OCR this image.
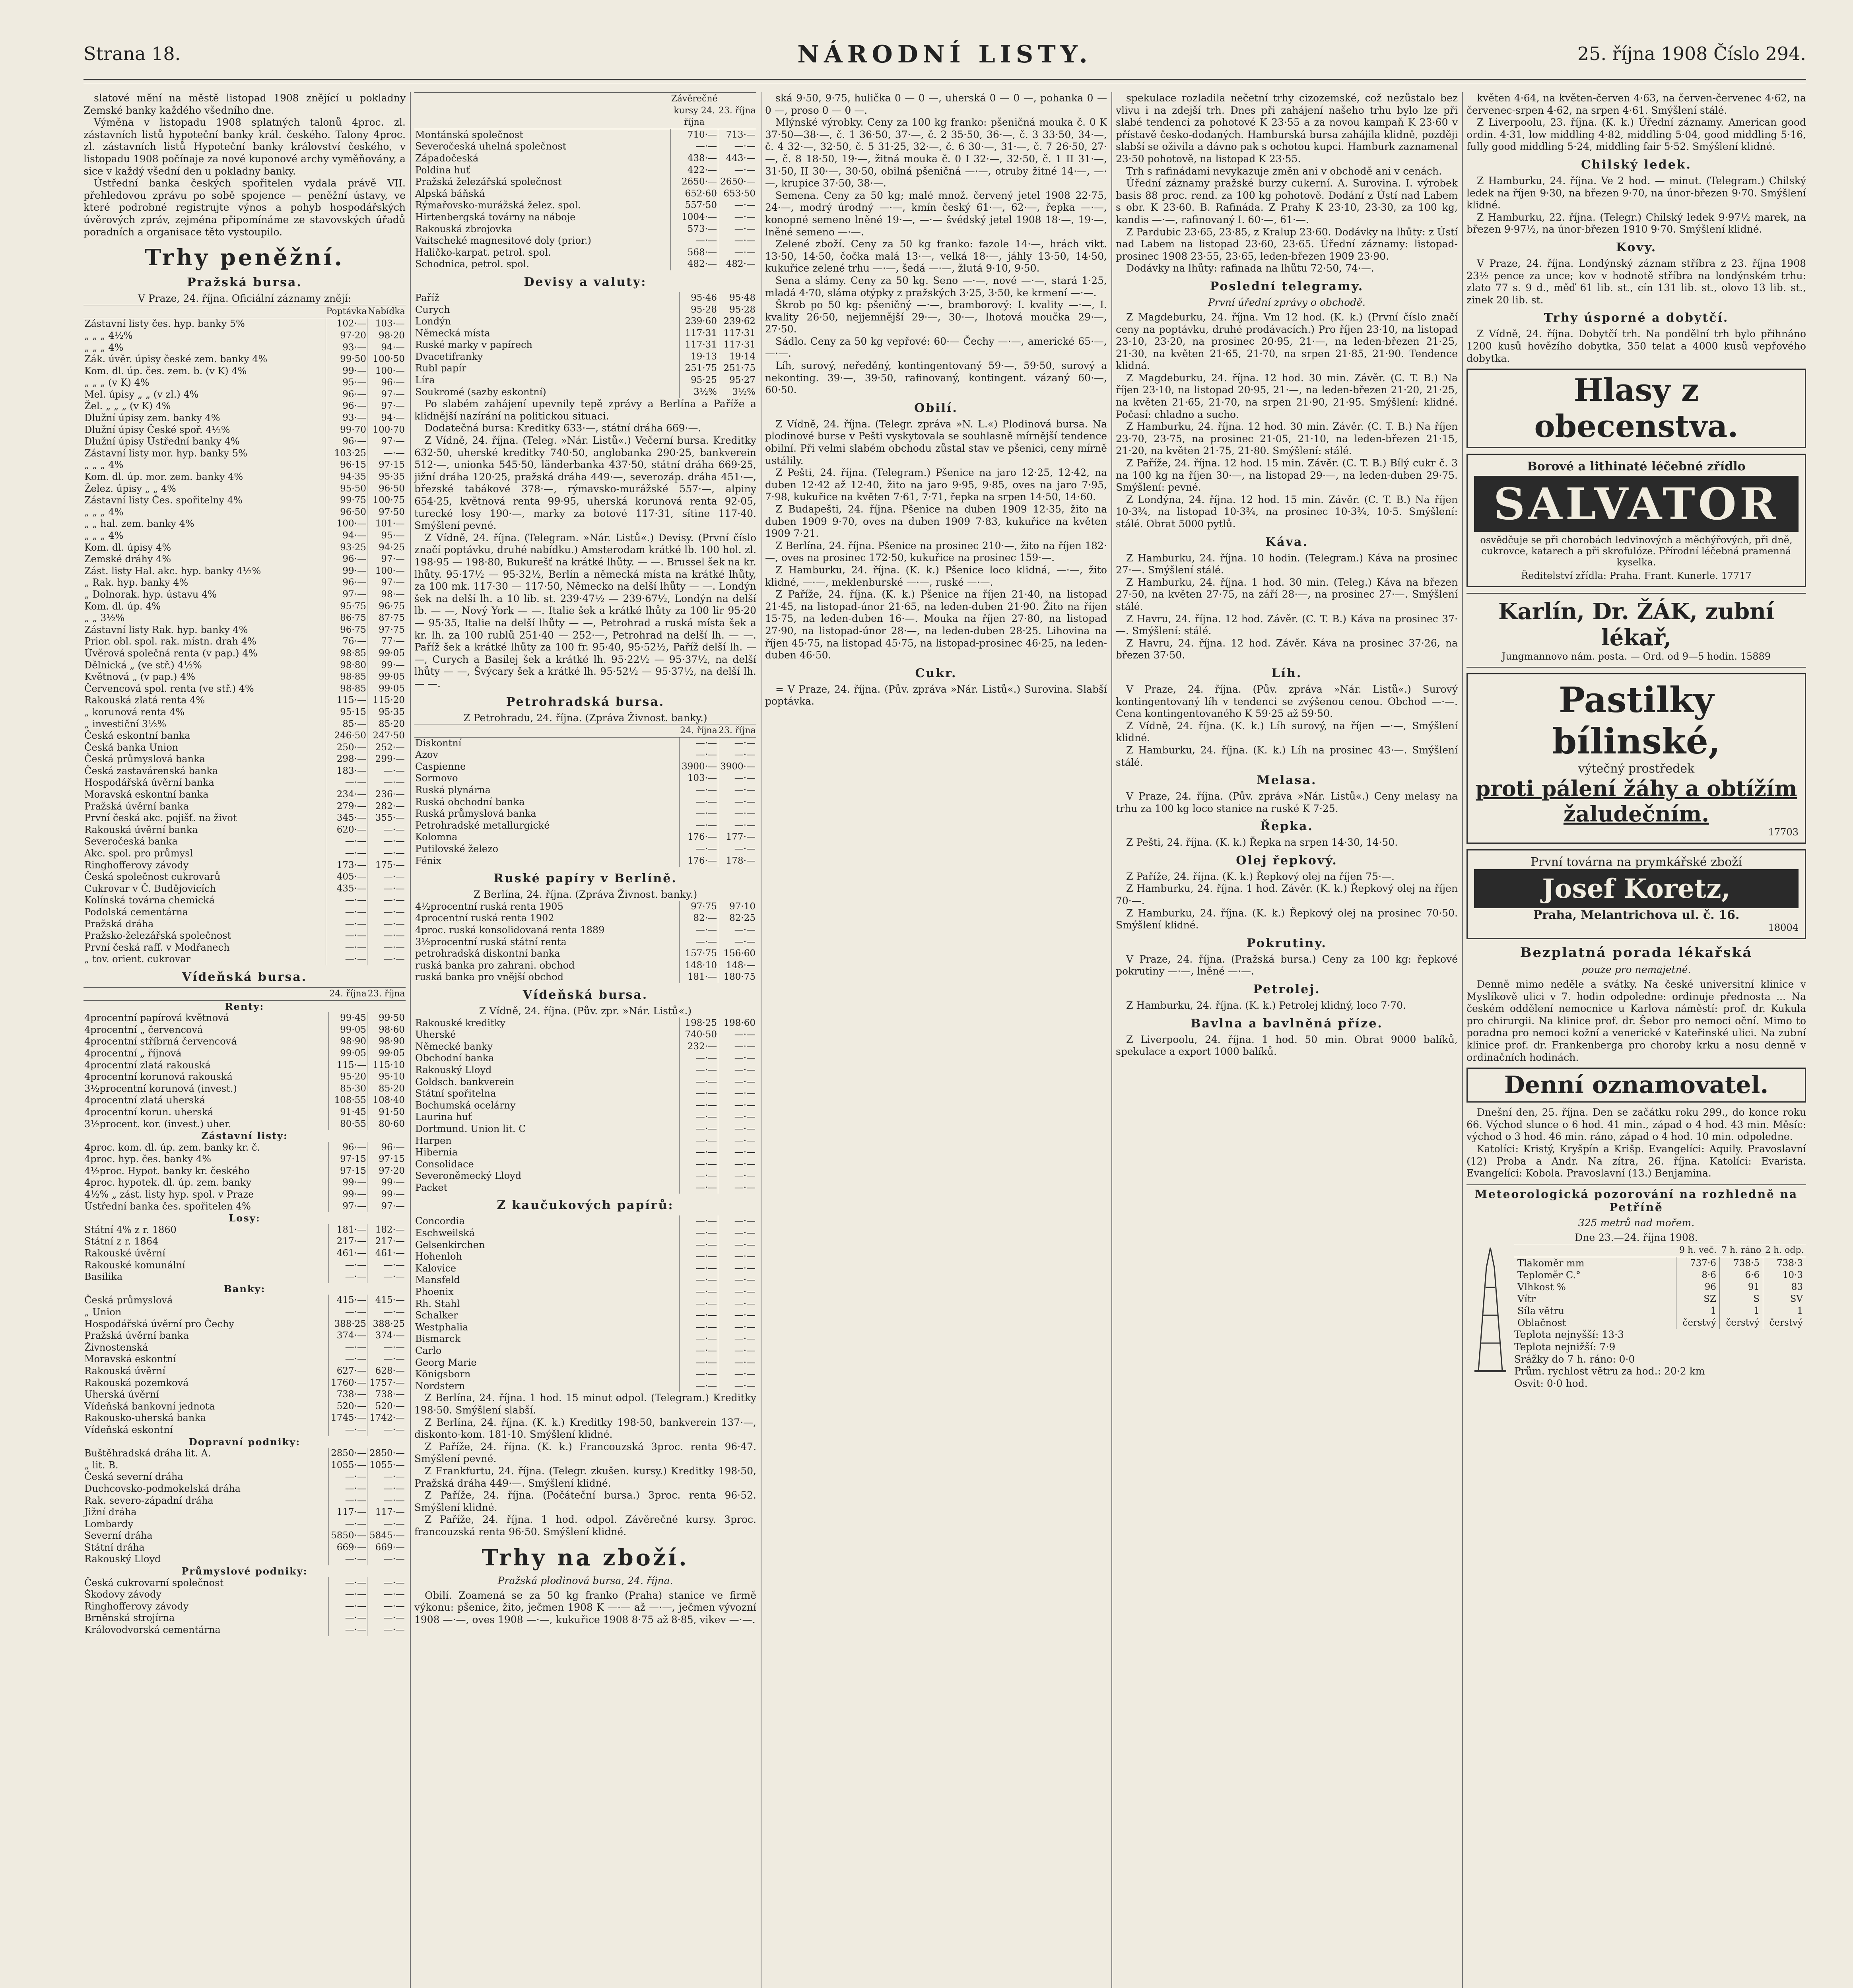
Strana 18.	NÁRODNÍ LISTY.	25. října 1908 Číslo 294.

slatové mění na městě listopad 1908 znějící u pokladny Zemské banky každého všedního dne.

Výměna v listopadu 1908 splatných talonů 4proc. zl. zástavních listů hypoteční banky král. českého. Talony 4proc. zl. zástavních listů Hypoteční banky království českého, v listopadu 1908 počínaje za nové kuponové archy vyměňovány, a sice v každý všední den u pokladny banky.

Ústřední banka českých spořitelen vydala právě VII. přehledovou zprávu po sobě spojence — peněžní ústavy, ve které podrobné registrujte výnos a pohyb hospodářských úvěrových zpráv, zejména připomínáme ze stavovských úřadů poradních a organisace těto vystoupilo.

Trhy peněžní.
Pražská bursa.
V Praze, 24. října. Oficiální záznamy znějí:
	Poptávka	Nabídka
Zástavní listy čes. hyp. banky 5%	102·—	103·—
„ „ „ 4½%	97·20	98·20
„ „ „ 4%	93·—	94·—
Zák. úvěr. úpisy české zem. banky 4%	99·50	100·50
Kom. dl. úp. čes. zem. b. (v K) 4%	99·—	100·—
„ „ „ (v K) 4%	95·—	96·—
Mel. úpisy „ „ (v zl.) 4%	96·—	97·—
Žel. „ „ „ (v K) 4%	96·—	97·—
Dlužní úpisy zem. banky 4%	93·—	94·—
Dlužní úpisy České spoř. 4½%	99·70	100·70
Dlužní úpisy Ústřední banky 4%	96·—	97·—
Zástavní listy mor. hyp. banky 5%	103·25	—·—
„ „ „ 4%	96·15	97·15
Kom. dl. úp. mor. zem. banky 4%	94·35	95·35
Želez. úpisy „ „ 4%	95·50	96·50
Zástavní listy Čes. spořitelny 4%	99·75	100·75
„ „ „ 4%	96·50	97·50
„ „ hal. zem. banky 4%	100·—	101·—
„ „ „ 4%	94·—	95·—
Kom. dl. úpisy 4%	93·25	94·25
Zemské dráhy 4%	96·—	97·—
Zást. listy Hal. akc. hyp. banky 4½%	99·—	100·—
„ Rak. hyp. banky 4%	96·—	97·—
„ Dolnorak. hyp. ústavu 4%	97·—	98·—
Kom. dl. úp. 4%	95·75	96·75
„ „ 3½%	86·75	87·75
Zástavní listy Rak. hyp. banky 4%	96·75	97·75
Prior. obl. spol. rak. místn. drah 4%	76·—	77·—
Úvěrová společná renta (v pap.) 4%	98·85	99·05
Dělnická „ (ve stř.) 4½%	98·80	99·—
Květnová „ (v pap.) 4%	98·85	99·05
Červencová spol. renta (ve stř.) 4%	98·85	99·05
Rakouská zlatá renta 4%	115·—	115·20
„ korunová renta 4%	95·15	95·35
„ investiční 3½%	85·—	85·20
Česká eskontní banka	246·50	247·50
Česká banka Union	250·—	252·—
Česká průmyslová banka	298·—	299·—
Česká zastavárenská banka	183·—	—·—
Hospodářská úvěrní banka	—·—	—·—
Moravská eskontní banka	234·—	236·—
Pražská úvěrní banka	279·—	282·—
První česká akc. pojišť. na život	345·—	355·—
Rakouská úvěrní banka	620·—	—·—
Severočeská banka	—·—	—·—
Akc. spol. pro průmysl	—·—	—·—
Ringhofferovy závody	173·—	175·—
Česká společnost cukrovarů	405·—	—·—
Cukrovar v Č. Budějovicích	435·—	—·—
Kolínská továrna chemická	—·—	—·—
Podolská cementárna	—·—	—·—
Pražská dráha	—·—	—·—
Pražsko-železářská společnost	—·—	—·—
První česká raff. v Modřanech	—·—	—·—
„ tov. orient. cukrovar	—·—	—·—
Vídeňská bursa.
	24. října	23. října
Renty:		
4procentní papírová květnová	99·45	99·50
4procentní „ červencová	99·05	98·60
4procentní stříbrná červencová	98·90	98·90
4procentní „ říjnová	99·05	99·05
4procentní zlatá rakouská	115·—	115·10
4procentní korunová rakouská	95·20	95·10
3½procentní korunová (invest.)	85·30	85·20
4procentní zlatá uherská	108·55	108·40
4procentní korun. uherská	91·45	91·50
3½procent. kor. (invest.) uher.	80·55	80·60
Zástavní listy:		
4proc. kom. dl. úp. zem. banky kr. č.	96·—	96·—
4proc. hyp. čes. banky 4%	97·15	97·15
4½proc. Hypot. banky kr. českého	97·15	97·20
4proc. hypotek. dl. úp. zem. banky	99·—	99·—
4½% „ zást. listy hyp. spol. v Praze	99·—	99·—
Ústřední banka čes. spořitelen 4%	97·—	97·—
Losy:		
Státní 4% z r. 1860	181·—	182·—
Státní z r. 1864	217·—	217·—
Rakouské úvěrní	461·—	461·—
Rakouské komunální	—·—	—·—
Basilika	—·—	—·—
Banky:		
Česká průmyslová	415·—	415·—
„ Union	—·—	—·—
Hospodářská úvěrní pro Čechy	388·25	388·25
Pražská úvěrní banka	374·—	374·—
Živnostenská	—·—	—·—
Moravská eskontní	—·—	—·—
Rakouská úvěrní	627·—	628·—
Rakouská pozemková	1760·—	1757·—
Uherská úvěrní	738·—	738·—
Vídeňská bankovní jednota	520·—	520·—
Rakousko-uherská banka	1745·—	1742·—
Vídeňská eskontní	—·—	—·—
Dopravní podniky:		
Buštěhradská dráha lit. A.	2850·—	2850·—
„ lit. B.	1055·—	1055·—
Česká severní dráha	—·—	—·—
Duchcovsko-podmokelská dráha	—·—	—·—
Rak. severo-západní dráha	—·—	—·—
Jižní dráha	117·—	117·—
Lombardy	—·—	—·—
Severní dráha	5850·—	5845·—
Státní dráha	669·—	669·—
Rakouský Lloyd	—·—	—·—
Průmyslové podniky:		
Česká cukrovarní společnost	—·—	—·—
Škodovy závody	—·—	—·—
Ringhofferovy závody	—·—	—·—
Brněnská strojírna	—·—	—·—
Královodvorská cementárna	—·—	—·—
	Závěrečné kursy 24. října	23. října
Montánská společnost	710·—	713·—
Severočeská uhelná společnost	—·—	—·—
Západočeská	438·—	443·—
Poldina huť	422·—	—·—
Pražská železářská společnost	2650·—	2650·—
Alpská báňská	652·60	653·50
Rýmařovsko-murážská želez. spol.	557·50	—·—
Hirtenbergská továrny na náboje	1004·—	—·—
Rakouská zbrojovka	573·—	—·—
Vaitscheké magnesitové doly (prior.)	—·—	—·—
Haličko-karpat. petrol. spol.	568·—	—·—
Schodnica, petrol. spol.	482·—	482·—
Devisy a valuty:
Paříž	95·46	95·48
Curych	95·28	95·28
Londýn	239·60	239·62
Německá místa	117·31	117·31
Ruské marky v papírech	117·31	117·31
Dvacetifranky	19·13	19·14
Rubl papír	251·75	251·75
Líra	95·25	95·27
Soukromé (sazby eskontní)	3½%	3½%

Po slabém zahájení upevnily tepě zprávy a Berlína a Paříže a klidnější nazírání na politickou situaci.

Dodatečná bursa: Kreditky 633·—, státní dráha 669·—.

Z Vídně, 24. října. (Teleg. »Nár. Listů«.) Večerní bursa. Kreditky 632·50, uherské kreditky 740·50, anglobanka 290·25, bankverein 512·—, unionka 545·50, länderbanka 437·50, státní dráha 669·25, jižní dráha 120·25, pražská dráha 449·—, severozáp. dráha 451·—, březské tabákové 378·—, rýmavsko-murážské 557·—, alpiny 654·25, květnová renta 99·95, uherská korunová renta 92·05, turecké losy 190·—, marky za botové 117·31, sítine 117·40. Smýšlení pevné.

Z Vídně, 24. října. (Telegram. »Nár. Listů«.) Devisy. (První číslo značí poptávku, druhé nabídku.) Amsterodam krátké lb. 100 hol. zl. 198·95 — 198·80, Bukurešť na krátké lhůty. — —. Brussel šek na kr. lhůty. 95·17½ — 95·32½, Berlín a německá místa na krátké lhůty, za 100 mk. 117·30 — 117·50, Německo na delší lhůty — —. Londýn šek na delší lh. a 10 lib. st. 239·47½ — 239·67½, Londýn na delší lb. — —, Nový York — —. Italie šek a krátké lhůty za 100 lir 95·20 — 95·35, Italie na delší lhůty — —, Petrohrad a ruská místa šek a kr. lh. za 100 rublů 251·40 — 252·—, Petrohrad na delší lh. — —. Paříž šek a krátké lhůty za 100 fr. 95·40, 95·52½, Paříž delší lh. — —, Curych a Basilej šek a krátké lh. 95·22½ — 95·37½, na delší lhůty — —, Švýcary šek a krátké lh. 95·52½ — 95·37½, na delší lh. — —.

Petrohradská bursa.
Z Petrohradu, 24. října. (Zpráva Živnost. banky.)
	24. října	23. října
Diskontní	—·—	—·—
Azov	—·—	—·—
Caspienne	3900·—	3900·—
Sormovo	103·—	—·—
Ruská plynárna	—·—	—·—
Ruská obchodní banka	—·—	—·—
Ruská průmyslová banka	—·—	—·—
Petrohradské metallurgické	—·—	—·—
Kolomna	176·—	177·—
Putilovské železo	—·—	—·—
Fénix	176·—	178·—
Ruské papíry v Berlíně.
Z Berlína, 24. října. (Zpráva Živnost. banky.)
4½procentní ruská renta 1905	97·75	97·10
4procentní ruská renta 1902	82·—	82·25
4proc. ruská konsolidovaná renta 1889	—·—	—·—
3½procentní ruská státní renta	—·—	—·—
petrohradská diskontní banka	157·75	156·60
ruská banka pro zahrani. obchod	148·10	148·—
ruská banka pro vnější obchod	181·—	180·75
Vídeňská bursa.
Z Vídně, 24. října. (Pův. zpr. »Nár. Listů«.)
Rakouské kreditky	198·25	198·60
Uherské	740·50	—·—
Německé banky	232·—	—·—
Obchodní banka	—·—	—·—
Rakouský Lloyd	—·—	—·—
Goldsch. bankverein	—·—	—·—
Státní spořitelna	—·—	—·—
Bochumská ocelárny	—·—	—·—
Laurina huť	—·—	—·—
Dortmund. Union lit. C	—·—	—·—
Harpen	—·—	—·—
Hibernia	—·—	—·—
Consolidace	—·—	—·—
Severoněmecký Lloyd	—·—	—·—
Packet	—·—	—·—
Z kaučukových papírů:
Concordia	—·—	—·—
Eschweilská	—·—	—·—
Gelsenkirchen	—·—	—·—
Hohenloh	—·—	—·—
Kalovice	—·—	—·—
Mansfeld	—·—	—·—
Phoenix	—·—	—·—
Rh. Stahl	—·—	—·—
Schalker	—·—	—·—
Westphalia	—·—	—·—
Bismarck	—·—	—·—
Carlo	—·—	—·—
Georg Marie	—·—	—·—
Königsborn	—·—	—·—
Nordstern	—·—	—·—

Z Berlína, 24. října. 1 hod. 15 minut odpol. (Telegram.) Kreditky 198·50. Smýšlení slabší.

Z Berlína, 24. října. (K. k.) Kreditky 198·50, bankverein 137·—, diskonto-kom. 181·10. Smýšlení klidné.

Z Paříže, 24. října. (K. k.) Francouzská 3proc. renta 96·47. Smýšlení pevné.

Z Frankfurtu, 24. října. (Telegr. zkušen. kursy.) Kreditky 198·50, Pražská dráha 449·—. Smýšlení klidné.

Z Paříže, 24. října. (Počáteční bursa.) 3proc. renta 96·52. Smýšlení klidné.

Z Paříže, 24. října. 1 hod. odpol. Závěrečné kursy. 3proc. francouzská renta 96·50. Smýšlení klidné.

Trhy na zboží.
Pražská plodinová bursa, 24. října.

Obilí. Zoamená se za 50 kg franko (Praha) stanice ve firmě výkonu: pšenice, žito, ječmen 1908 K —·— až —·—, ječmen vývozní 1908 —·—, oves 1908 —·—, kukuřice 1908 8·75 až 8·85, vikev —·—.

ská 9·50, 9·75, hulička 0 — 0 —, uherská 0 — 0 —, pohanka 0 — 0 —, proso 0 — 0 —.

Mlýnské výrobky. Ceny za 100 kg franko: pšeničná mouka č. 0 K 37·50—38·—, č. 1 36·50, 37·—, č. 2 35·50, 36·—, č. 3 33·50, 34·—, č. 4 32·—, 32·50, č. 5 31·25, 32·—, č. 6 30·—, 31·—, č. 7 26·50, 27·—, č. 8 18·50, 19·—, žitná mouka č. 0 I 32·—, 32·50, č. 1 II 31·—, 31·50, II 30·—, 30·50, obilná pšeničná —·—, otruby žitné 14·—, —·—, krupice 37·50, 38·—.

Semena. Ceny za 50 kg; malé množ. červený jetel 1908 22·75, 24·—, modrý úrodný —·—, kmín český 61·—, 62·—, řepka —·—, konopné semeno lněné 19·—, —·— švédský jetel 1908 18·—, 19·—, lněné semeno —·—.

Zelené zboží. Ceny za 50 kg franko: fazole 14·—, hrách vikt. 13·50, 14·50, čočka malá 13·—, velká 18·—, jáhly 13·50, 14·50, kukuřice zelené trhu —·—, šedá —·—, žlutá 9·10, 9·50.

Sena a slámy. Ceny za 50 kg. Seno —·—, nové —·—, stará 1·25, mladá 4·70, sláma otýpky z pražských 3·25, 3·50, ke krmení —·—.

Škrob po 50 kg: pšeničný —·—, bramborový: I. kvality —·—, I. kvality 26·50, nejjemnější 29·—, 30·—, lhotová moučka 29·—, 27·50.

Sádlo. Ceny za 50 kg vepřové: 60·— Čechy —·—, americké 65·—, —·—.

Líh, surový, neředěný, kontingentovaný 59·—, 59·50, surový a nekonting. 39·—, 39·50, rafinovaný, kontingent. vázaný 60·—, 60·50.

Obilí.

Z Vídně, 24. října. (Telegr. zpráva »N. L.«) Plodinová bursa. Na plodinové burse v Pešti vyskytovala se souhlasně mírnější tendence obilní. Při velmi slabém obchodu zůstal stav ve pšenici, ceny mírně ustálily.

Z Pešti, 24. října. (Telegram.) Pšenice na jaro 12·25, 12·42, na duben 12·42 až 12·40, žito na jaro 9·95, 9·85, oves na jaro 7·95, 7·98, kukuřice na květen 7·61, 7·71, řepka na srpen 14·50, 14·60.

Z Budapešti, 24. října. Pšenice na duben 1909 12·35, žito na duben 1909 9·70, oves na duben 1909 7·83, kukuřice na květen 1909 7·21.

Z Berlína, 24. října. Pšenice na prosinec 210·—, žito na říjen 182·—, oves na prosinec 172·50, kukuřice na prosinec 159·—.

Z Hamburku, 24. října. (K. k.) Pšenice loco klidná, —·—, žito klidné, —·—, meklenburské —·—, ruské —·—.

Z Paříže, 24. října. (K. k.) Pšenice na říjen 21·40, na listopad 21·45, na listopad-únor 21·65, na leden-duben 21·90. Žito na říjen 15·75, na leden-duben 16·—. Mouka na říjen 27·80, na listopad 27·90, na listopad-únor 28·—, na leden-duben 28·25. Lihovina na říjen 45·75, na listopad 45·75, na listopad-prosinec 46·25, na leden-duben 46·50.

Cukr.

= V Praze, 24. října. (Pův. zpráva »Nár. Listů«.) Surovina. Slabší poptávka.

spekulace rozladila nečetní trhy cizozemské, což nezůstalo bez vlivu i na zdejší trh. Dnes při zahájení našeho trhu bylo lze při slabé tendenci za pohotové K 23·55 a za novou kampaň K 23·60 v přístavě česko-dodaných. Hamburská bursa zahájila klidně, později slabší se oživila a dávno pak s ochotou kupci. Hamburk zaznamenal 23·50 pohotově, na listopad K 23·55.

Trh s rafinádami nevykazuje změn ani v obchodě ani v cenách.

Úřední záznamy pražské burzy cukerní. A. Surovina. I. výrobek basis 88 proc. rend. za 100 kg pohotově. Dodání z Ústí nad Labem s obr. K 23·60. B. Rafináda. Z Prahy K 23·10, 23·30, za 100 kg, kandis —·—, rafinovaný I. 60·—, 61·—.

Z Pardubic 23·65, 23·85, z Kralup 23·60. Dodávky na lhůty: z Ústí nad Labem na listopad 23·60, 23·65. Úřední záznamy: listopad-prosinec 1908 23·55, 23·65, leden-březen 1909 23·90.

Dodávky na lhůty: rafinada na lhůtu 72·50, 74·—.

Poslední telegramy.
První úřední zprávy o obchodě.

Z Magdeburku, 24. října. Vm 12 hod. (K. k.) (První číslo značí ceny na poptávku, druhé prodávacích.) Pro říjen 23·10, na listopad 23·10, 23·20, na prosinec 20·95, 21·—, na leden-březen 21·25, 21·30, na květen 21·65, 21·70, na srpen 21·85, 21·90. Tendence klidná.

Z Magdeburku, 24. října. 12 hod. 30 min. Závěr. (C. T. B.) Na říjen 23·10, na listopad 20·95, 21·—, na leden-březen 21·20, 21·25, na květen 21·65, 21·70, na srpen 21·90, 21·95. Smýšlení: klidné. Počasí: chladno a suchо.

Z Hamburku, 24. října. 12 hod. 30 min. Závěr. (C. T. B.) Na říjen 23·70, 23·75, na prosinec 21·05, 21·10, na leden-březen 21·15, 21·20, na květen 21·75, 21·80. Smýšlení: stálé.

Z Paříže, 24. října. 12 hod. 15 min. Závěr. (C. T. B.) Bílý cukr č. 3 na 100 kg na říjen 30·—, na listopad 29·—, na leden-duben 29·75. Smýšlení: pevné.

Z Londýna, 24. října. 12 hod. 15 min. Závěr. (C. T. B.) Na říjen 10·3¾, na listopad 10·3¾, na prosinec 10·3¾, 10·5. Smýšlení: stálé. Obrat 5000 pytlů.

Káva.

Z Hamburku, 24. října. 10 hodin. (Telegram.) Káva na prosinec 27·—. Smýšlení stálé.

Z Hamburku, 24. října. 1 hod. 30 min. (Teleg.) Káva na březen 27·50, na květen 27·75, na září 28·—, na prosinec 27·—. Smýšlení stálé.

Z Havru, 24. října. 12 hod. Závěr. (C. T. B.) Káva na prosinec 37·—. Smýšlení: stálé.

Z Havru, 24. října. 12 hod. Závěr. Káva na prosinec 37·26, na březen 37·50.

Líh.

V Praze, 24. října. (Pův. zpráva »Nár. Listů«.) Surový kontingentovaný líh v tendenci se zvýšenou cenou. Obchod —·—. Cena kontingentovaného K 59·25 až 59·50.

Z Vídně, 24. října. (K. k.) Líh surový, na říjen —·—, Smýšlení klidné.

Z Hamburku, 24. října. (K. k.) Líh na prosinec 43·—. Smýšlení stálé.

Melasa.

V Praze, 24. října. (Pův. zpráva »Nár. Listů«.) Ceny melasy na trhu za 100 kg loco stanice na ruské K 7·25.

Řepka.

Z Pešti, 24. října. (K. k.) Řepka na srpen 14·30, 14·50.

Olej řepkový.

Z Paříže, 24. října. (K. k.) Řepkový olej na říjen 75·—.

Z Hamburku, 24. října. 1 hod. Závěr. (K. k.) Řepkový olej na říjen 70·—.

Z Hamburku, 24. října. (K. k.) Řepkový olej na prosinec 70·50. Smýšlení klidné.

Pokrutiny.

V Praze, 24. října. (Pražská bursa.) Ceny za 100 kg: řepkové pokrutiny —·—, lněné —·—.

Petrolej.

Z Hamburku, 24. října. (K. k.) Petrolej klidný, loco 7·70.

Bavlna a bavlněná příze.

Z Liverpoolu, 24. října. 1 hod. 50 min. Obrat 9000 balíků, spekulace a export 1000 balíků.

květen 4·64, na květen-červen 4·63, na červen-červenec 4·62, na červenec-srpen 4·62, na srpen 4·61. Smýšlení stálé.

Z Liverpoolu, 23. října. (K. k.) Úřední záznamy. American good ordin. 4·31, low middling 4·82, middling 5·04, good middling 5·16, fully good middling 5·24, middling fair 5·52. Smýšlení klidné.

Chilský ledek.

Z Hamburku, 24. října. Ve 2 hod. — minut. (Telegram.) Chilský ledek na říjen 9·30, na březen 9·70, na únor-březen 9·70. Smýšlení klidné.

Z Hamburku, 22. října. (Telegr.) Chilský ledek 9·97½ marek, na březen 9·97½, na únor-březen 1910 9·70. Smýšlení klidné.

Kovy.

V Praze, 24. října. Londýnský záznam stříbra z 23. října 1908 23½ pence za unce; kov v hodnotě stříbra na londýnském trhu: zlato 77 s. 9 d., měď 61 lib. st., cín 131 lib. st., olovo 13 lib. st., zinek 20 lib. st.

Trhy úsporné a dobytčí.

Z Vídně, 24. října. Dobytčí trh. Na pondělní trh bylo přihnáno 1200 kusů hovězího dobytka, 350 telat a 4000 kusů vepřového dobytka.

Hlasy z obecenstva.
Borové a lithinaté léčebné zřídlo
SALVATOR
osvědčuje se při chorobách ledvinových a měchýřových, při dně, cukrovce, katarech a při skrofulóze. Přírodní léčebná pramenná kyselka.
Ředitelství zřídla: Praha. Frant. Kunerle. 17717
Karlín, Dr. ŽÁK, zubní lékař,
Jungmannovo nám. posta. — Ord. od 9—5 hodin. 15889
Pastilky bílinské,
výtečný prostředek
proti pálení žáhy a obtížím žaludečním.
17703
První továrna na prymkářské zboží
Josef Koretz,
Praha, Melantrichova ul. č. 16.
18004
Bezplatná porada lékařská
pouze pro nemajetné.

Denně mimo neděle a svátky. Na české universitní klinice v Myslíkově ulici v 7. hodin odpoledne: ordinuje přednosta ... Na českém oddělení nemocnice u Karlova náměstí: prof. dr. Kukula pro chirurgii. Na klinice prof. dr. Šebor pro nemoci oční. Mimo to poradna pro nemoci kožní a venerické v Kateřinské ulici. Na zubní klinice prof. dr. Frankenberga pro choroby krku a nosu denně v ordinačních hodinách.

Denní oznamovatel.

Dnešní den, 25. října. Den se začátku roku 299., do konce roku 66. Východ slunce o 6 hod. 41 min., západ o 4 hod. 43 min. Měsíc: východ o 3 hod. 46 min. ráno, západ o 4 hod. 10 min. odpoledne.

Katolíci: Kristý, Kryšpín a Krišp. Evangelíci: Aquily. Pravoslavní (12) Proba a Andr. Na zítra, 26. října. Katolíci: Evarista. Evangelíci: Kobola. Pravoslavní (13.) Benjamina.

Meteorologická pozorování na rozhledně na Petříně
325 metrů nad mořem.
Dne 23.—24. října 1908.
	9 h. več.	7 h. ráno	2 h. odp.
Tlakoměr mm	737·6	738·5	738·3
Teploměr C.°	8·6	6·6	10·3
Vlhkost %	96	91	83
Vítr	SZ	S	SV
Síla větru	1	1	1
Oblačnost	čerstvý	čerstvý	čerstvý
Teplota nejnyšší: 13·3
Teplota nejnižší: 7·9
Srážky do 7 h. ráno: 0·0
Prům. rychlost větru za hod.: 20·2 km
Osvit: 0·0 hod.
